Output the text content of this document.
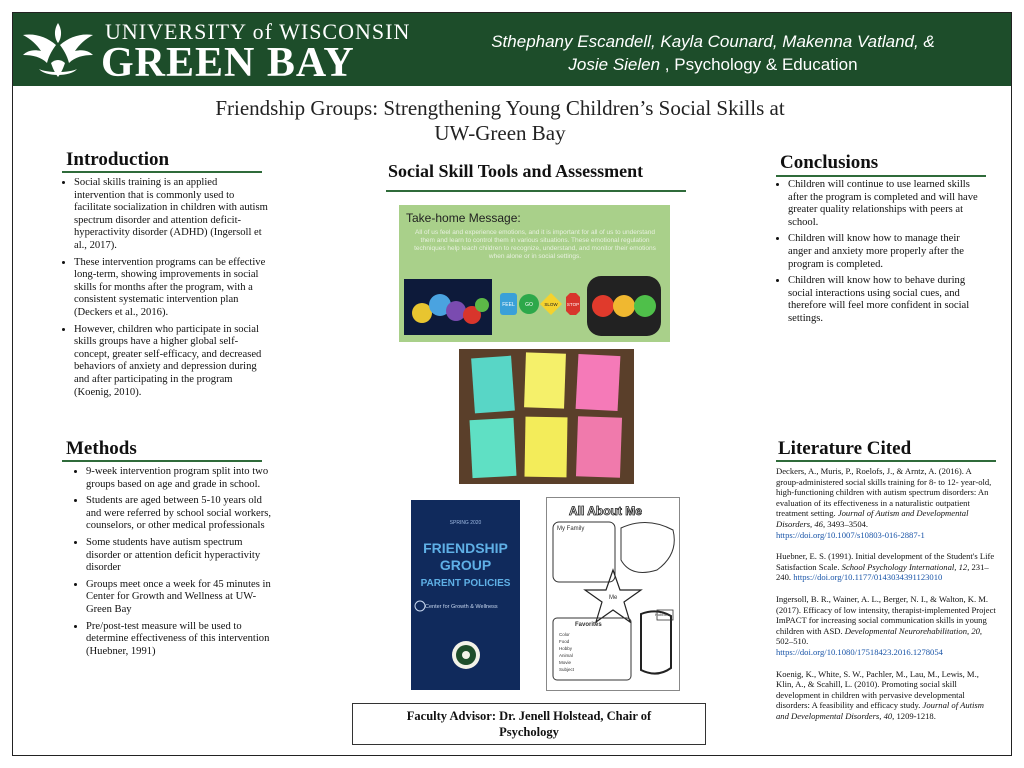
UNIVERSITY of WISCONSIN
GREEN BAY	Sthephany Escandell, Kayla Counard, Makenna Vatland, &
Josie Sielen , Psychology & Education
Friendship Groups: Strengthening Young Children’s Social Skills at
UW-Green Bay
Introduction
• Social skills training is an applied intervention that is commonly used to facilitate socialization in children with autism spectrum disorder and attention deficit-hyperactivity disorder (ADHD) (Ingersoll et al., 2017).
• These intervention programs can be effective long-term, showing improvements in social skills for months after the program, with a consistent systematic intervention plan (Deckers et al., 2016).
• However, children who participate in social skills groups have a higher global self-concept, greater self-efficacy, and decreased behaviors of anxiety and depression during and after participating in the program (Koenig, 2010).
Methods
• 9-week intervention program split into two groups based on age and grade in school.
• Students are aged between 5-10 years old and were referred by school social workers, counselors, or other medical professionals
• Some students have autism spectrum disorder or attention deficit hyperactivity disorder
• Groups meet once a week for 45 minutes in Center for Growth and Wellness at UW-Green Bay
• Pre/post-test measure will be used to determine effectiveness of this intervention (Huebner, 1991)
Social Skill Tools and Assessment
Take-home Message:
All of us feel and experience emotions, and it is important for all of us to understand them and learn to control them in various situations. These emotional regulation techniques help teach children to recognize, understand, and monitor their emotions when alone or in social settings.
FEEL GO	SLOW STOP
SPRING 2020
FRIENDSHIP GROUP
PARENT POLICIES
Center for Growth & Wellness
All About Me
My Family
Me
Favorites
Hobbies
Color
Food
Hobby
Animal
Movie
Subject
Faculty Advisor: Dr. Jenell Holstead, Chair of
Psychology
Conclusions
• Children will continue to use learned skills after the program is completed and will have greater quality relationships with peers at school.
• Children will know how to manage their anger and anxiety more properly after the program is completed.
• Children will know how to behave during social interactions using social cues, and therefore will feel more confident in social settings.
Literature Cited

Deckers, A., Muris, P., Roelofs, J., & Arntz, A. (2016). A group-administered social skills training for 8- to 12- year-old, high-functioning children with autism spectrum disorders: An evaluation of its effectiveness in a naturalistic outpatient treatment setting. Journal of Autism and Developmental Disorders, 46, 3493–3504.
https://doi.org/10.1007/s10803-016-2887-1

Huebner, E. S. (1991). Initial development of the Student's Life Satisfaction Scale. School Psychology International, 12, 231–240. https://doi.org/10.1177/0143034391123010

Ingersoll, B. R., Wainer, A. L., Berger, N. I., & Walton, K. M. (2017). Efficacy of low intensity, therapist-implemented Project ImPACT for increasing social communication skills in young children with ASD. Developmental Neurorehabilitation, 20, 502–510.
https://doi.org/10.1080/17518423.2016.1278054

Koenig, K., White, S. W., Pachler, M., Lau, M., Lewis, M., Klin, A., & Scahill, L. (2010). Promoting social skill development in children with pervasive developmental disorders: A feasibility and efficacy study. Journal of Autism and Developmental Disorders, 40, 1209-1218.
